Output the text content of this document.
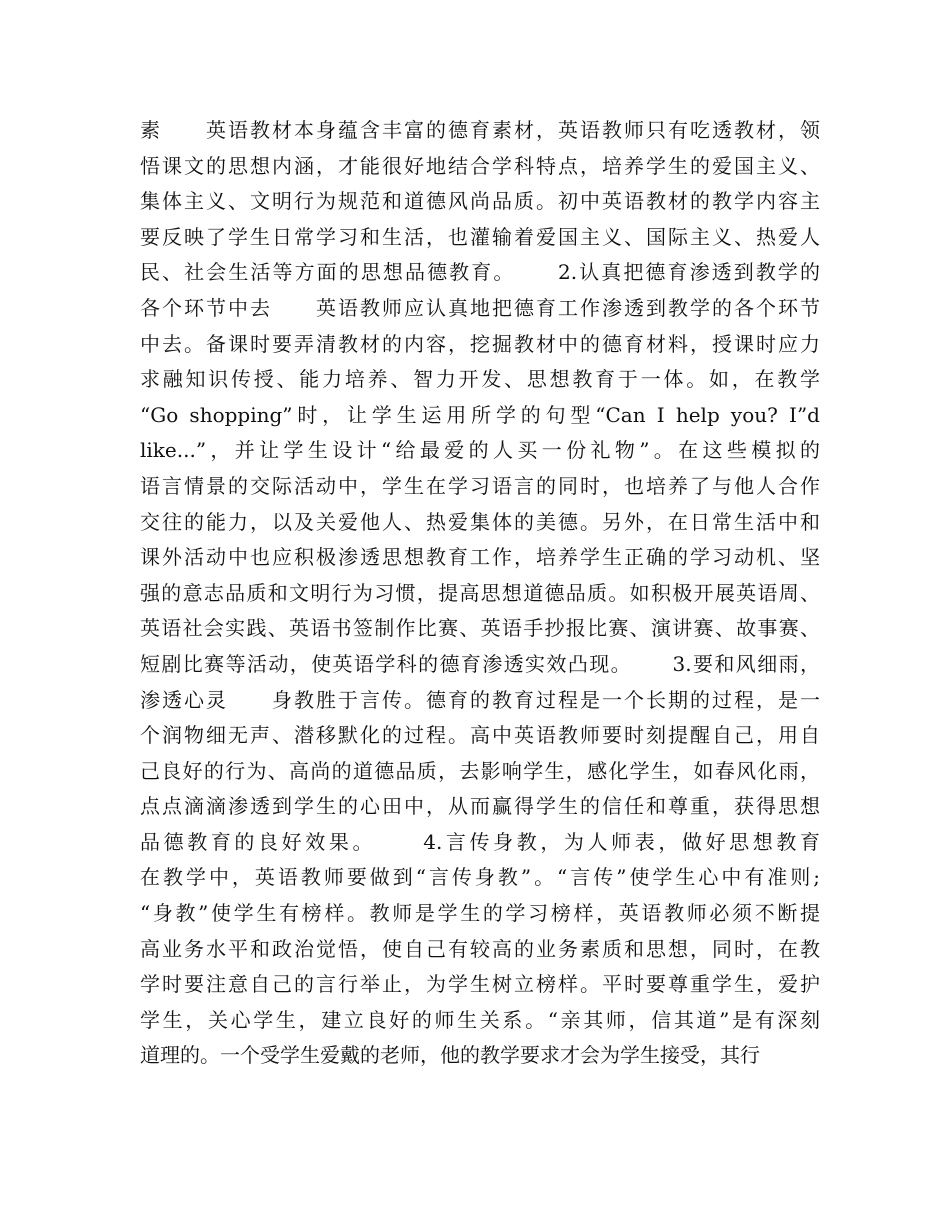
素　　英语教材本身蕴含丰富的德育素材，英语教师只有吃透教材，领
悟课文的思想内涵，才能很好地结合学科特点，培养学生的爱国主义、
集体主义、文明行为规范和道德风尚品质。初中英语教材的教学内容主
要反映了学生日常学习和生活，也灌输着爱国主义、国际主义、热爱人
民、社会生活等方面的思想品德教育。　　 2.认真把德育渗透到教学的
各个环节中去　　英语教师应认真地把德育工作渗透到教学的各个环节
中去。备课时要弄清教材的内容，挖掘教材中的德育材料，授课时应力
求融知识传授、能力培养、智力开发、思想教育于一体。如，在教学
“Go shopping”时，让学生运用所学的句型“Can I help you? I”d
like...”，并让学生设计“给最爱的人买一份礼物”。在这些模拟的
语言情景的交际活动中，学生在学习语言的同时，也培养了与他人合作
交往的能力，以及关爱他人、热爱集体的美德。另外，在日常生活中和
课外活动中也应积极渗透思想教育工作，培养学生正确的学习动机、坚
强的意志品质和文明行为习惯，提高思想道德品质。如积极开展英语周、
英语社会实践、英语书签制作比赛、英语手抄报比赛、演讲赛、故事赛、
短剧比赛等活动，使英语学科的德育渗透实效凸现。　　 3.要和风细雨，
渗透心灵　　身教胜于言传。德育的教育过程是一个长期的过程，是一
个润物细无声、潜移默化的过程。高中英语教师要时刻提醒自己，用自
己良好的行为、高尚的道德品质，去影响学生，感化学生，如春风化雨，
点点滴滴渗透到学生的心田中，从而赢得学生的信任和尊重，获得思想
品德教育的良好效果。　　 4.言传身教，为人师表，做好思想教育
在教学中，英语教师要做到“言传身教”。“言传”使学生心中有准则;
“身教”使学生有榜样。教师是学生的学习榜样，英语教师必须不断提
高业务水平和政治觉悟，使自己有较高的业务素质和思想，同时，在教
学时要注意自己的言行举止，为学生树立榜样。平时要尊重学生，爱护
学生，关心学生，建立良好的师生关系。“亲其师，信其道”是有深刻
道理的。一个受学生爱戴的老师，他的教学要求才会为学生接受，其行
